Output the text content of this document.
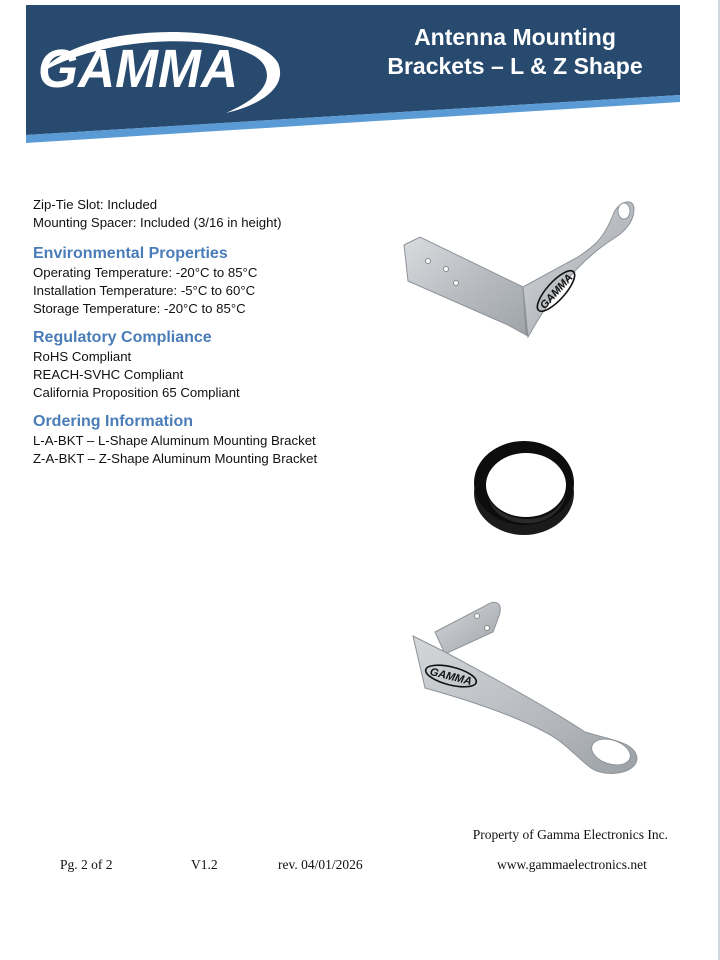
GAMMA
Antenna Mounting
Brackets – L & Z Shape

Zip-Tie Slot: Included

Mounting Spacer: Included (3/16 in height)

Environmental Properties

Operating Temperature: -20°C to 85°C

Installation Temperature: -5°C to 60°C

Storage Temperature: -20°C to 85°C

Regulatory Compliance

RoHS Compliant

REACH-SVHC Compliant

California Proposition 65 Compliant

Ordering Information

L-A-BKT – L-Shape Aluminum Mounting Bracket

Z-A-BKT – Z-Shape Aluminum Mounting Bracket

GAMMA
GAMMA
Property of Gamma Electronics Inc.
Pg. 2 of 2	V1.2	rev. 04/01/2026	www.gammaelectronics.net
